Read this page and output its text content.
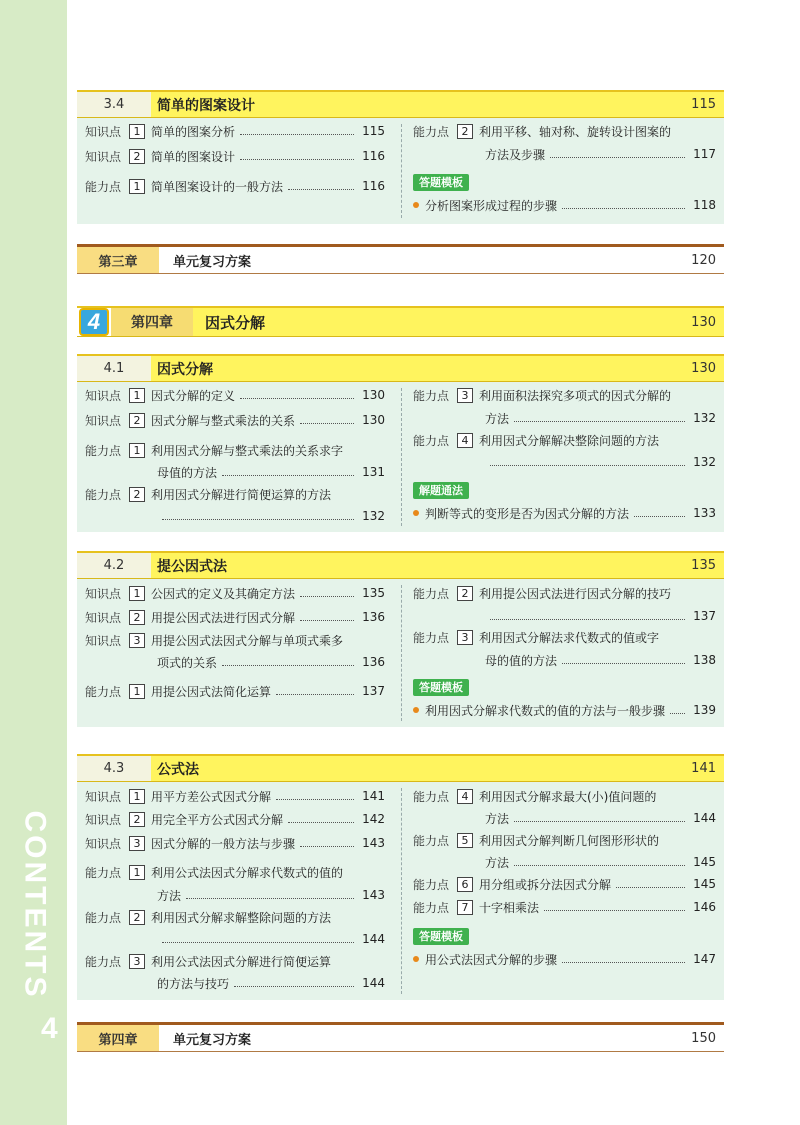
CONTENTS
4
3.4	简单的图案设计	115
知识点	1 简单的图案分析	115
知识点	2 简单的图案设计	116
能力点	1 简单图案设计的一般方法	116
能力点	2 利用平移、轴对称、旋转设计图案的
方法及步骤	117
答题模板
分析图案形成过程的步骤	118
第三章	单元复习方案	120
4	第四章	因式分解	130
4.1	因式分解	130
知识点	1 因式分解的定义	130
知识点	2 因式分解与整式乘法的关系	130
能力点	1 利用因式分解与整式乘法的关系求字
母值的方法	131
能力点	2 利用因式分解进行简便运算的方法
132
能力点	3 利用面积法探究多项式的因式分解的
方法	132
能力点	4 利用因式分解解决整除问题的方法
132
解题通法
判断等式的变形是否为因式分解的方法	133
4.2	提公因式法	135
知识点	1 公因式的定义及其确定方法	135
知识点	2 用提公因式法进行因式分解	136
知识点	3 用提公因式法因式分解与单项式乘多
项式的关系	136
能力点	1 用提公因式法简化运算	137
能力点	2 利用提公因式法进行因式分解的技巧
137
能力点	3 利用因式分解法求代数式的值或字
母的值的方法	138
答题模板
利用因式分解求代数式的值的方法与一般步骤 139
4.3	公式法	141
知识点	1 用平方差公式因式分解	141
知识点	2 用完全平方公式因式分解	142
知识点	3 因式分解的一般方法与步骤	143
能力点	1 利用公式法因式分解求代数式的值的
方法	143
能力点	2 利用因式分解求解整除问题的方法
144
能力点	3 利用公式法因式分解进行简便运算
的方法与技巧	144
能力点	4 利用因式分解求最大(小)值问题的
方法	144
能力点	5 利用因式分解判断几何图形形状的
方法	145
能力点	6 用分组或拆分法因式分解	145
能力点	7 十字相乘法	146
答题模板
用公式法因式分解的步骤	147
第四章	单元复习方案	150
